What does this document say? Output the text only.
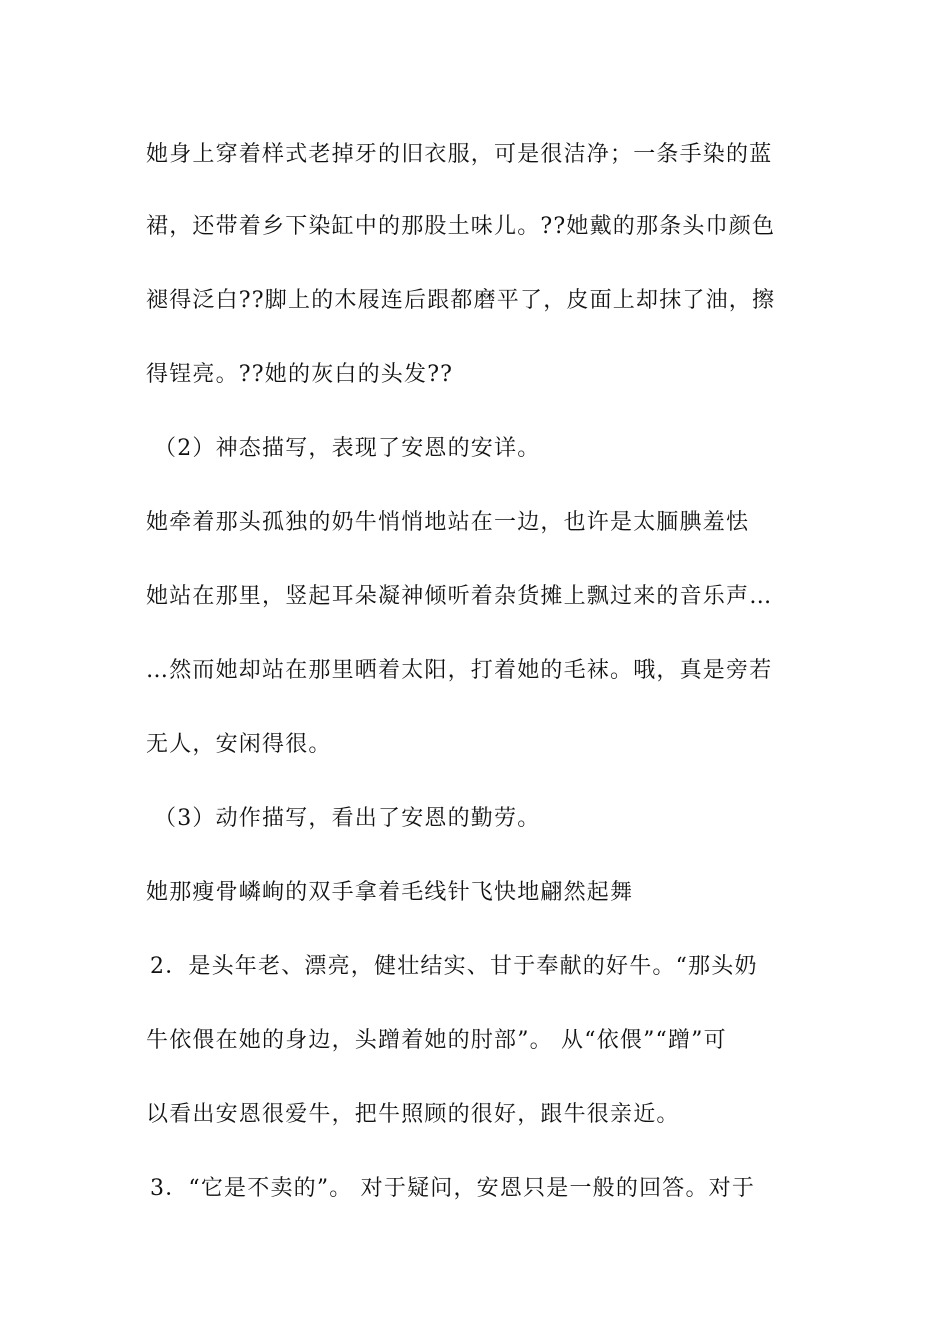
她身上穿着样式老掉牙的旧衣服，可是很洁净；一条手染的蓝
裙，还带着乡下染缸中的那股土味儿。??她戴的那条头巾颜色
褪得泛白??脚上的木屐连后跟都磨平了，皮面上却抹了油，擦
得锃亮。??她的灰白的头发??
（2）神态描写，表现了安恩的安详。
她牵着那头孤独的奶牛悄悄地站在一边，也许是太腼腆羞怯
她站在那里，竖起耳朵凝神倾听着杂货摊上飘过来的音乐声…
…然而她却站在那里晒着太阳，打着她的毛袜。哦，真是旁若
无人，安闲得很。
（3）动作描写，看出了安恩的勤劳。
她那瘦骨嶙峋的双手拿着毛线针飞快地翩然起舞
2．是头年老、漂亮，健壮结实、甘于奉献的好牛。“那头奶
牛依偎在她的身边，头蹭着她的肘部”。 从“依偎”“蹭”可
以看出安恩很爱牛，把牛照顾的很好，跟牛很亲近。
3．“它是不卖的”。 对于疑问，安恩只是一般的回答。对于
